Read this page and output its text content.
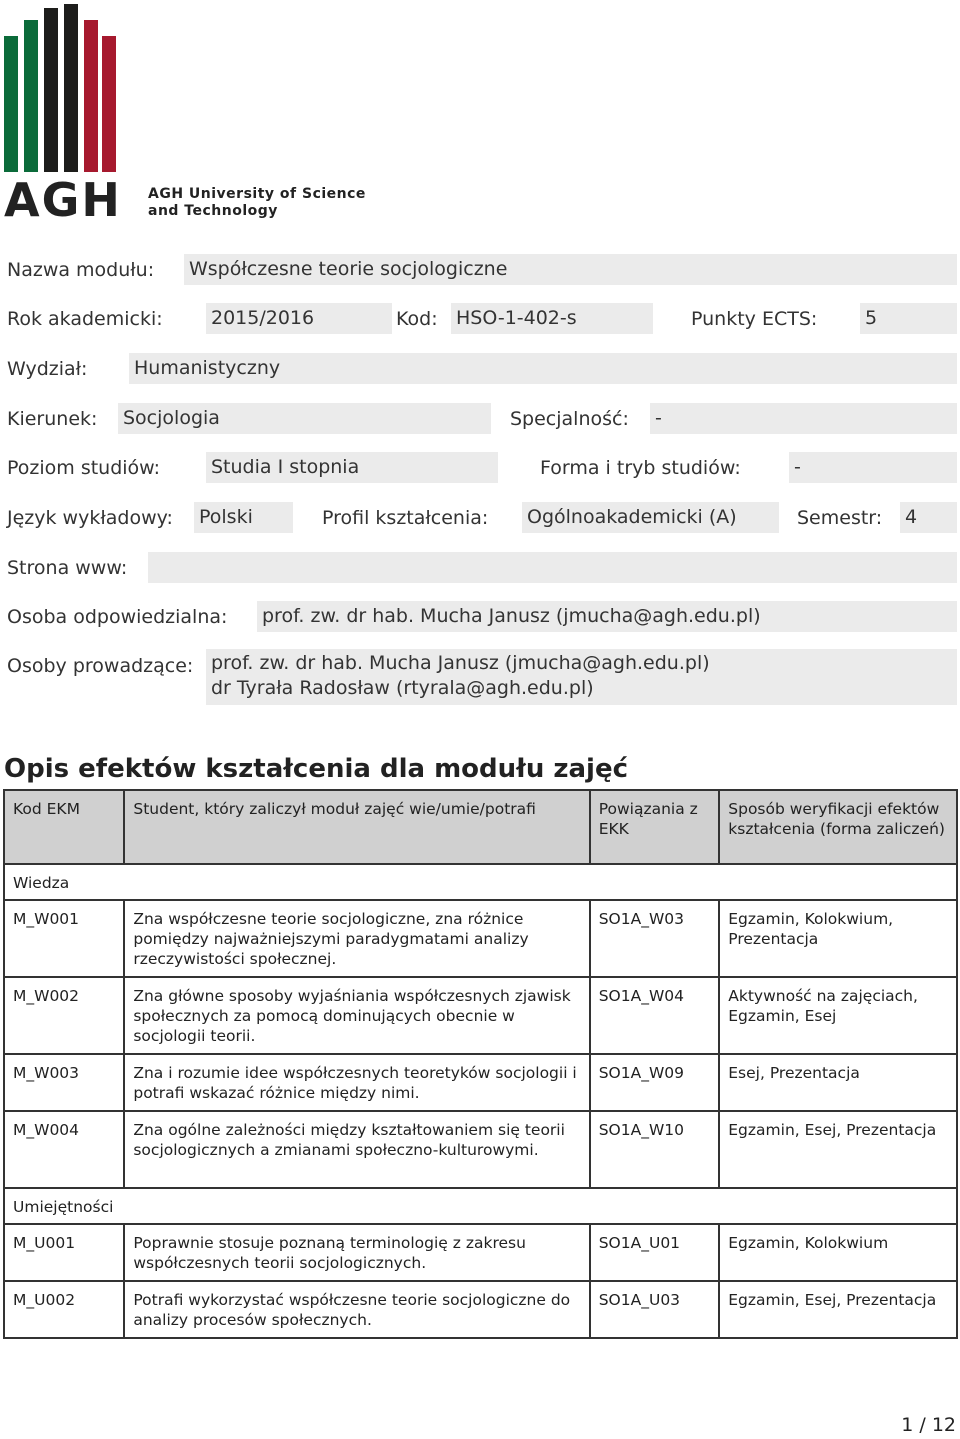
AGH AGH University of Science
and Technology
Nazwa modułu: Współczesne teorie socjologiczne
Rok akademicki:	2015/2016	Kod: HSO-1-402-s	Punkty ECTS:	5
Wydział: Humanistyczny
Kierunek: Socjologia	Specjalność: -
Poziom studiów:	Studia I stopnia	Forma i tryb studiów:	-
Język wykładowy: Polski	Profil kształcenia: Ogólnoakademicki (A)	Semestr: 4
Strona www:
Osoba odpowiedzialna: prof. zw. dr hab. Mucha Janusz (jmucha@agh.edu.pl)
Osoby prowadzące: prof. zw. dr hab. Mucha Janusz (jmucha@agh.edu.pl)
dr Tyrała Radosław (rtyrala@agh.edu.pl)
Opis efektów kształcenia dla modułu zajęć
Kod EKM	Student, który zaliczył moduł zajęć wie/umie/potrafi	Powiązania z EKK	Sposób weryfikacji efektów kształcenia (forma zaliczeń)
Wiedza			
M_W001	Zna współczesne teorie socjologiczne, zna różnice pomiędzy najważniejszymi paradygmatami analizy rzeczywistości społecznej.	SO1A_W03	Egzamin, Kolokwium, Prezentacja
M_W002	Zna główne sposoby wyjaśniania współczesnych zjawisk społecznych za pomocą dominujących obecnie w socjologii teorii.	SO1A_W04	Aktywność na zajęciach, Egzamin, Esej
M_W003	Zna i rozumie idee współczesnych teoretyków socjologii i potrafi wskazać różnice między nimi.	SO1A_W09	Esej, Prezentacja
M_W004	Zna ogólne zależności między kształtowaniem się teorii socjologicznych a zmianami społeczno-kulturowymi.	SO1A_W10	Egzamin, Esej, Prezentacja
Umiejętności			
M_U001	Poprawnie stosuje poznaną terminologię z zakresu współczesnych teorii socjologicznych.	SO1A_U01	Egzamin, Kolokwium
M_U002	Potrafi wykorzystać współczesne teorie socjologiczne do analizy procesów społecznych.	SO1A_U03	Egzamin, Esej, Prezentacja
1 / 12
